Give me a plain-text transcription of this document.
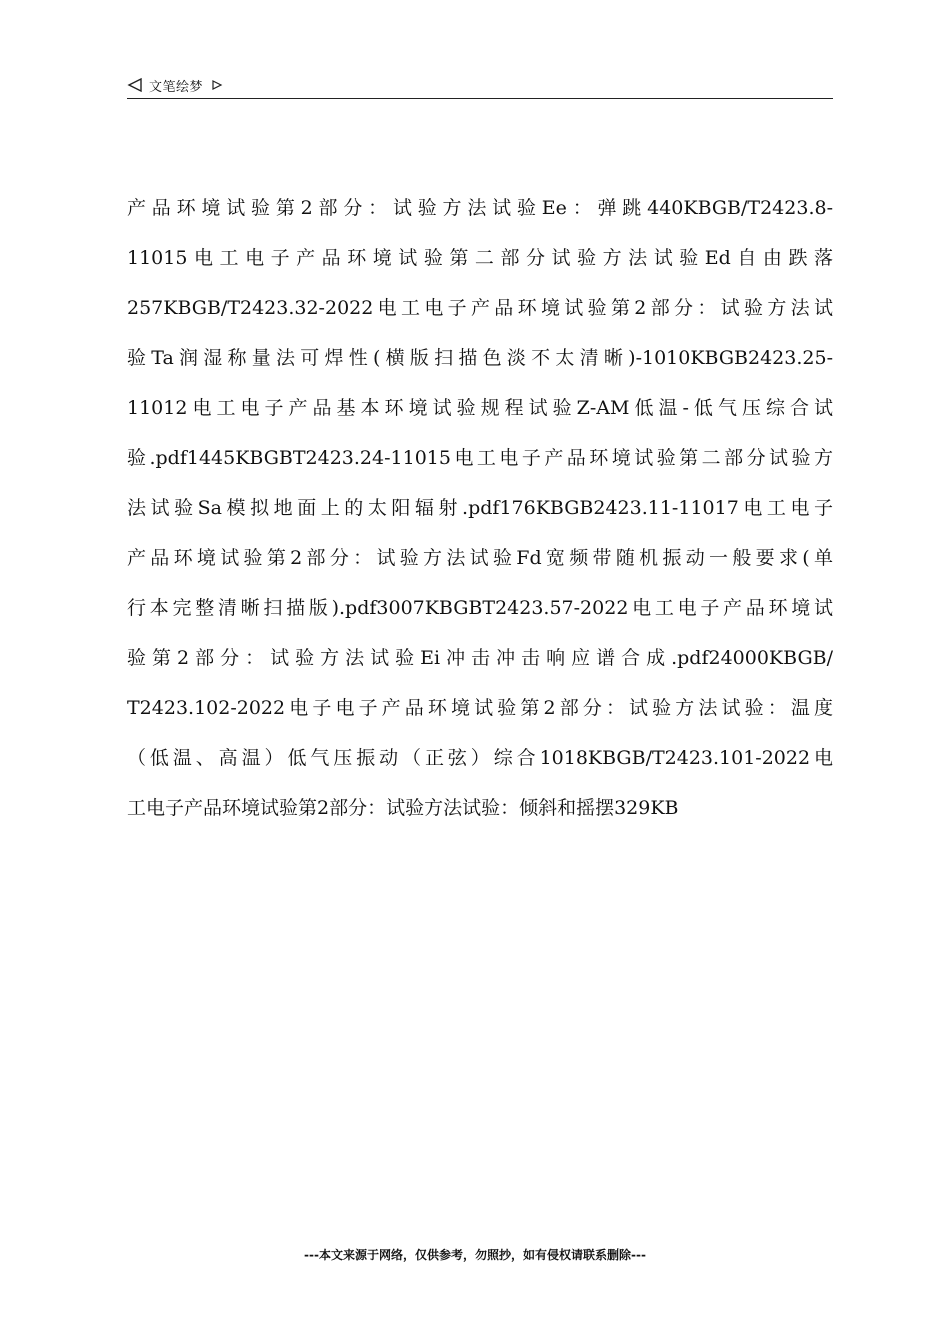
文笔绘梦
产品环境试验第2部分：试验方法试验Ee：弹跳440KBGB/T2423.8-
11015电工电子产品环境试验第二部分试验方法试验Ed自由跌落
257KBGB/T2423.32-2022电工电子产品环境试验第2部分：试验方法试
验Ta润湿称量法可焊性(横版扫描色淡不太清晰)-1010KBGB2423.25-
11012电工电子产品基本环境试验规程试验Z-AM低温-低气压综合试
验.pdf1445KBGBT2423.24-11015电工电子产品环境试验第二部分试验方
法试验Sa模拟地面上的太阳辐射.pdf176KBGB2423.11-11017电工电子
产品环境试验第2部分：试验方法试验Fd宽频带随机振动一般要求(单
行本完整清晰扫描版).pdf3007KBGBT2423.57-2022电工电子产品环境试
验第2部分：试验方法试验Ei冲击冲击响应谱合成.pdf24000KBGB/
T2423.102-2022电子电子产品环境试验第2部分：试验方法试验：温度
（低温、高温）低气压振动（正弦）综合1018KBGB/T2423.101-2022电
工电子产品环境试验第2部分：试验方法试验：倾斜和摇摆329KB
---本文来源于网络，仅供参考，勿照抄，如有侵权请联系删除---
